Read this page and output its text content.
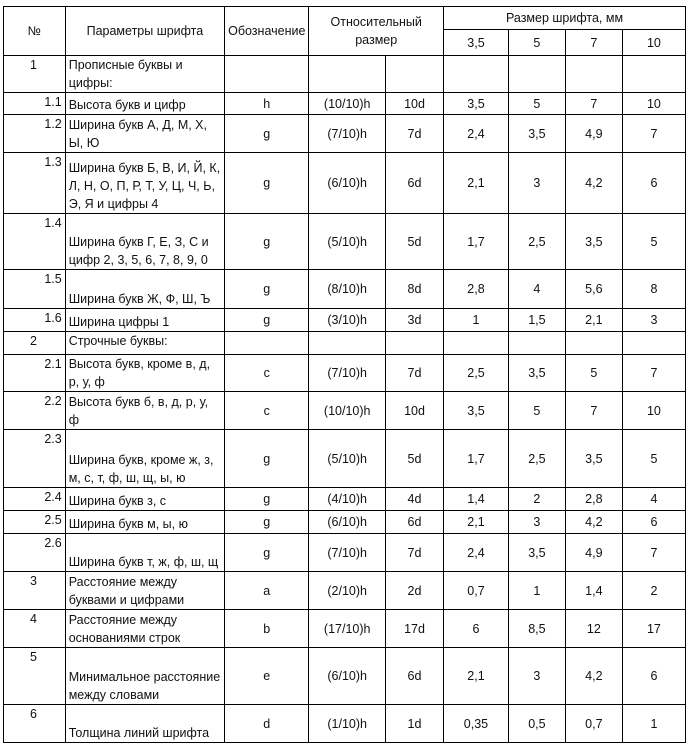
№	Параметры шрифта	Обозначение	Относительный размер		Размер шрифта, мм			
					3,5	5	7	10
1	Прописные буквы и цифры:							
1.1	Высота букв и цифр	h	(10/10)h	10d	3,5	5	7	10
1.2	Ширина букв А, Д, М, Х, Ы, Ю	g	(7/10)h	7d	2,4	3,5	4,9	7
1.3	Ширина букв Б, В, И, Й, К, Л, Н, О, П, Р, Т, У, Ц, Ч, Ь, Э, Я и цифры 4	g	(6/10)h	6d	2,1	3	4,2	6
1.4	Ширина букв Г, Е, З, С и цифр 2, 3, 5, 6, 7, 8, 9, 0	g	(5/10)h	5d	1,7	2,5	3,5	5
1.5	Ширина букв Ж, Ф, Ш, Ъ	g	(8/10)h	8d	2,8	4	5,6	8
1.6	Ширина цифры 1	g	(3/10)h	3d	1	1,5	2,1	3
2	Строчные буквы:							
2.1	Высота букв, кроме в, д, р, у, ф	c	(7/10)h	7d	2,5	3,5	5	7
2.2	Высота букв б, в, д, р, у, ф	c	(10/10)h	10d	3,5	5	7	10
2.3	Ширина букв, кроме ж, з, м, с, т, ф, ш, щ, ы, ю	g	(5/10)h	5d	1,7	2,5	3,5	5
2.4	Ширина букв з, с	g	(4/10)h	4d	1,4	2	2,8	4
2.5	Ширина букв м, ы, ю	g	(6/10)h	6d	2,1	3	4,2	6
2.6	Ширина букв т, ж, ф, ш, щ	g	(7/10)h	7d	2,4	3,5	4,9	7
3	Расстояние между буквами и цифрами	a	(2/10)h	2d	0,7	1	1,4	2
4	Расстояние между основаниями строк	b	(17/10)h	17d	6	8,5	12	17
5	Минимальное расстояние между словами	e	(6/10)h	6d	2,1	3	4,2	6
6	Толщина линий шрифта	d	(1/10)h	1d	0,35	0,5	0,7	1
